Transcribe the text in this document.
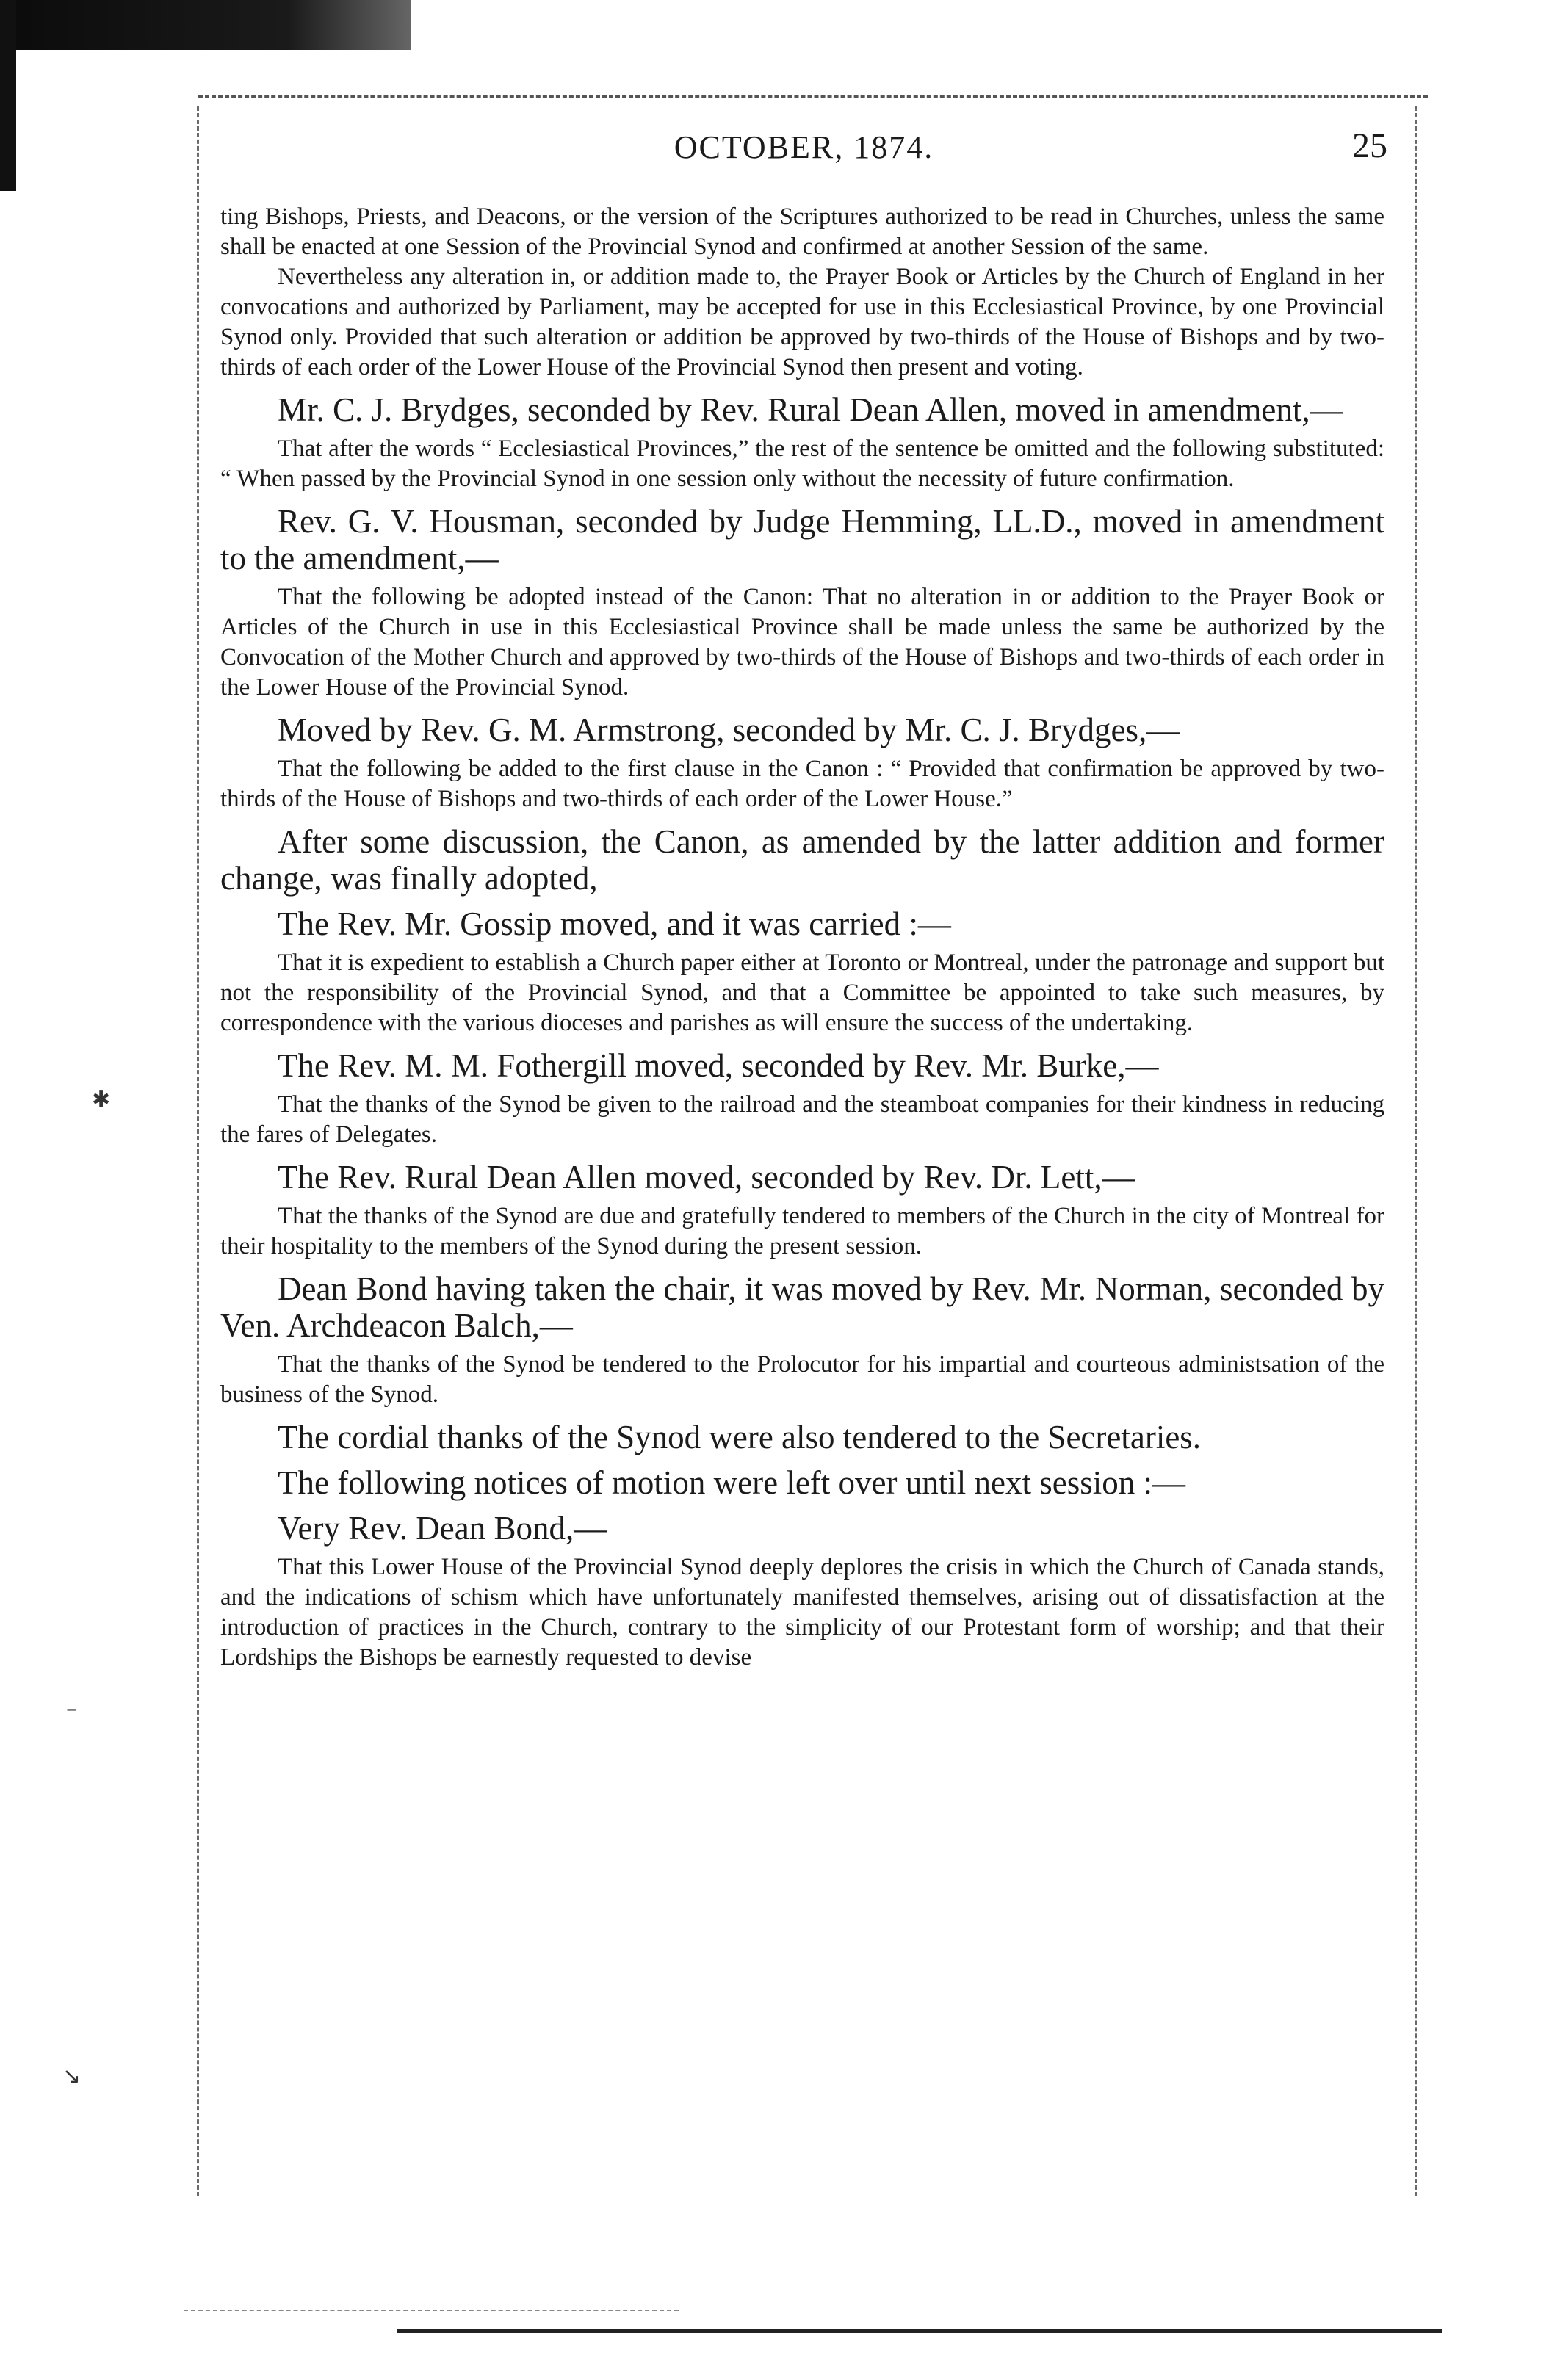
✱
–
↘
OCTOBER, 1874.	25

ting Bishops, Priests, and Deacons, or the version of the Scriptures authorized to be read in Churches, unless the same shall be enacted at one Session of the Provincial Synod and confirmed at another Session of the same.

Nevertheless any alteration in, or addition made to, the Prayer Book or Articles by the Church of England in her convocations and authorized by Parliament, may be accepted for use in this Ecclesiastical Province, by one Provincial Synod only. Provided that such alteration or addition be approved by two-thirds of the House of Bishops and by two-thirds of each order of the Lower House of the Provincial Synod then present and voting.

Mr. C. J. Brydges, seconded by Rev. Rural Dean Allen, moved in amendment,—

That after the words “ Ecclesiastical Provinces,” the rest of the sentence be omitted and the following substituted: “ When passed by the Provincial Synod in one session only without the necessity of future confirmation.

Rev. G. V. Housman, seconded by Judge Hemming, LL.D., moved in amendment to the amendment,—

That the following be adopted instead of the Canon: That no alteration in or addition to the Prayer Book or Articles of the Church in use in this Ecclesiastical Province shall be made unless the same be authorized by the Convocation of the Mother Church and approved by two-thirds of the House of Bishops and two-thirds of each order in the Lower House of the Provincial Synod.

Moved by Rev. G. M. Armstrong, seconded by Mr. C. J. Brydges,—

That the following be added to the first clause in the Canon : “ Provided that confirmation be approved by two-thirds of the House of Bishops and two-thirds of each order of the Lower House.”

After some discussion, the Canon, as amended by the latter addition and former change, was finally adopted,

The Rev. Mr. Gossip moved, and it was carried :—

That it is expedient to establish a Church paper either at Toronto or Montreal, under the patronage and support but not the responsibility of the Provincial Synod, and that a Committee be appointed to take such measures, by correspondence with the various dioceses and parishes as will ensure the success of the undertaking.

The Rev. M. M. Fothergill moved, seconded by Rev. Mr. Burke,—

That the thanks of the Synod be given to the railroad and the steamboat companies for their kindness in reducing the fares of Delegates.

The Rev. Rural Dean Allen moved, seconded by Rev. Dr. Lett,—

That the thanks of the Synod are due and gratefully tendered to members of the Church in the city of Montreal for their hospitality to the members of the Synod during the present session.

Dean Bond having taken the chair, it was moved by Rev. Mr. Norman, seconded by Ven. Archdeacon Balch,—

That the thanks of the Synod be tendered to the Prolocutor for his impartial and courteous administsation of the business of the Synod.

The cordial thanks of the Synod were also tendered to the Secretaries.

The following notices of motion were left over until next session :—

Very Rev. Dean Bond,—

That this Lower House of the Provincial Synod deeply deplores the crisis in which the Church of Canada stands, and the indications of schism which have unfortunately manifested themselves, arising out of dissatisfaction at the introduction of practices in the Church, contrary to the simplicity of our Protestant form of worship; and that their Lordships the Bishops be earnestly requested to devise
